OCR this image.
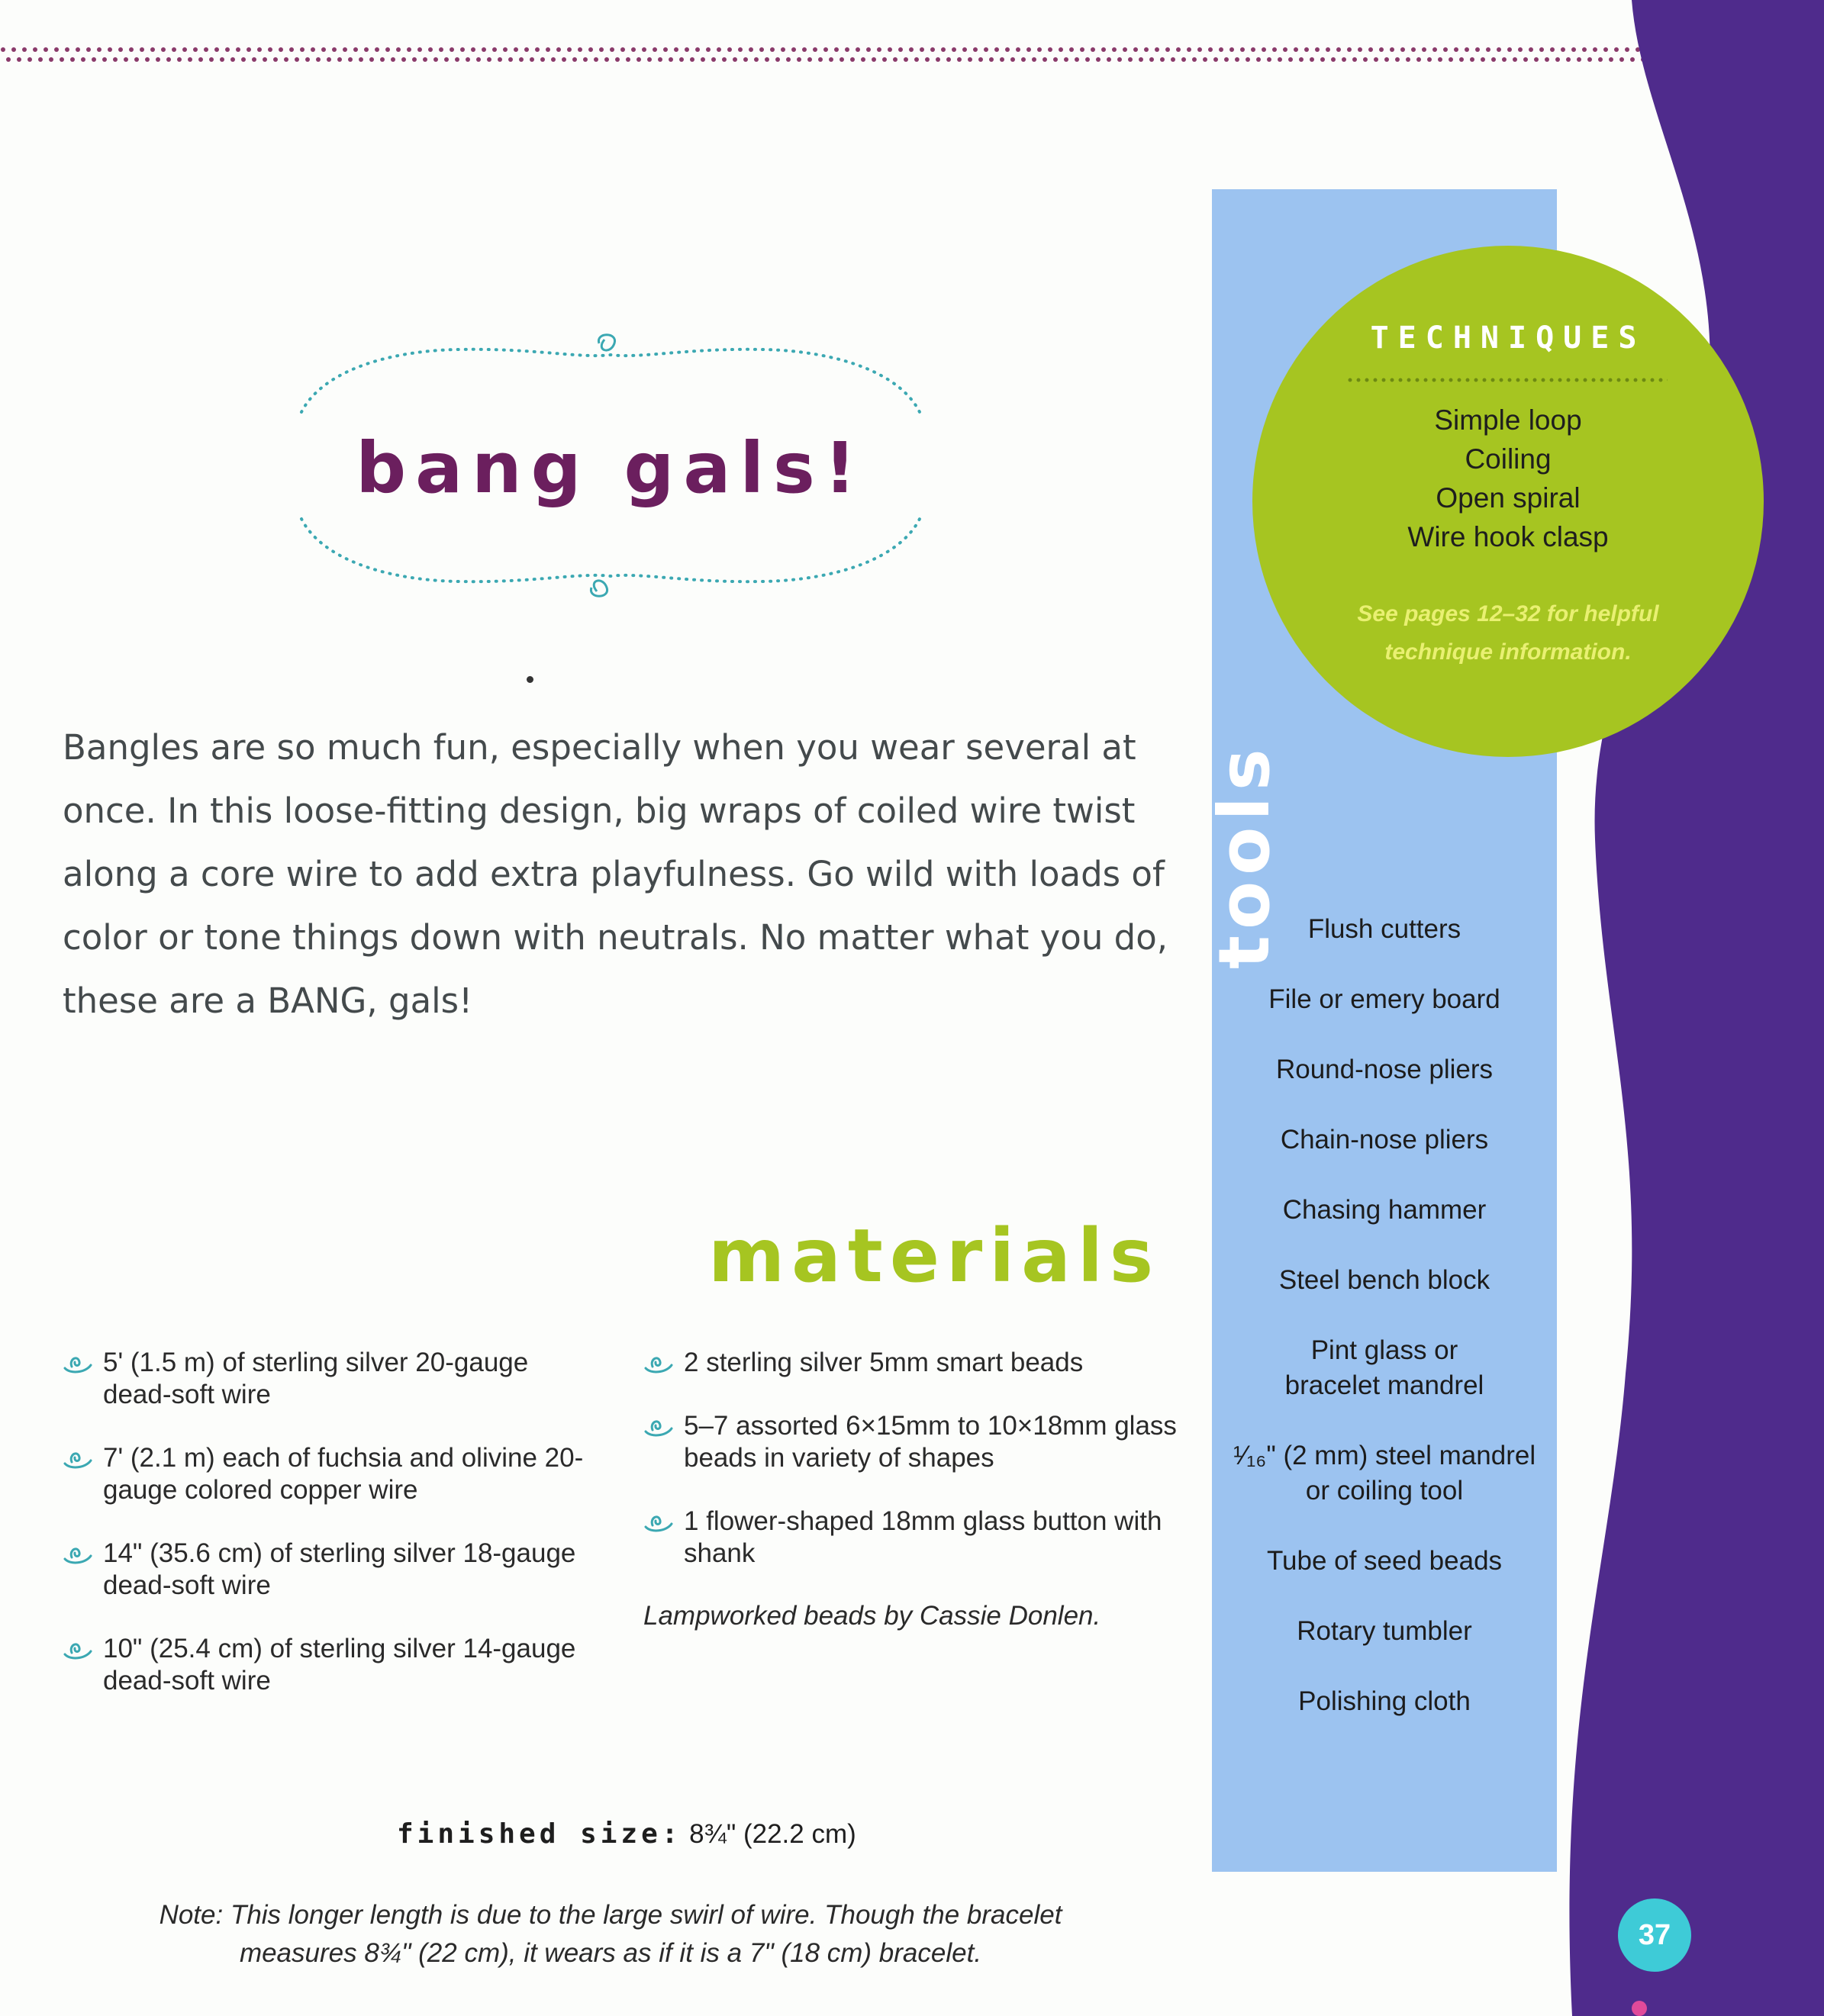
TECHNIQUES
Simple loop
Coiling
Open spiral
Wire hook clasp
See pages 12–32 for helpful technique information.
tools Flush cutters
File or emery board
Round-nose pliers
Chain-nose pliers
Chasing hammer
Steel bench block
Pint glass or bracelet mandrel
¹⁄₁₆" (2 mm) steel mandrel or coiling tool
Tube of seed beads
Rotary tumbler
Polishing cloth
bang gals!

Bangles are so much fun, especially when you wear several at once. In this loose-fitting design, big wraps of coiled wire twist along a core wire to add extra playfulness. Go wild with loads of color or tone things down with neutrals. No matter what you do, these are a BANG, gals!

materials
5' (1.5 m) of sterling silver 20-gauge dead-soft wire
7' (2.1 m) each of fuchsia and olivine 20-gauge colored copper wire
14" (35.6 cm) of sterling silver 18-gauge dead-soft wire
10" (25.4 cm) of sterling silver 14-gauge dead-soft wire
2 sterling silver 5mm smart beads
5–7 assorted 6×15mm to 10×18mm glass beads in variety of shapes
1 flower-shaped 18mm glass button with shank
Lampworked beads by Cassie Donlen.
finished size: 8¾" (22.2 cm)
Note: This longer length is due to the large swirl of wire. Though the bracelet measures 8¾" (22 cm), it wears as if it is a 7" (18 cm) bracelet.
37
